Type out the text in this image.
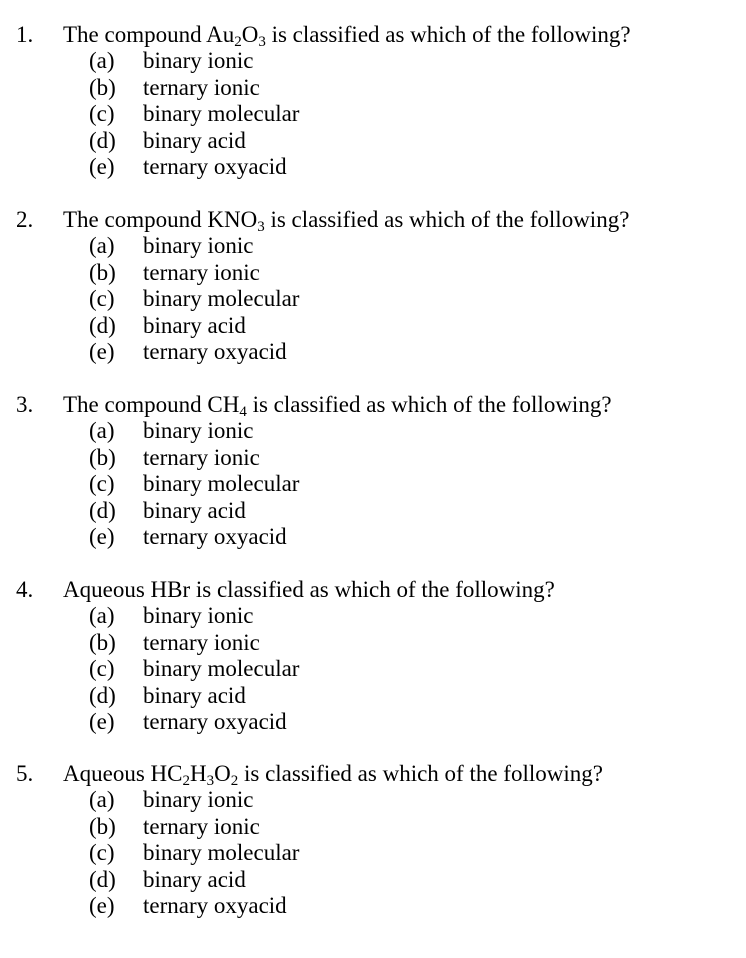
1. The compound $Au_2O_3$ is classified as which of the following?
(a) binary ionic
(b) ternary ionic
(c) binary molecular
(d) binary acid
(e) ternary oxyacid
2. The compound $KNO_3$ is classified as which of the following?
(a) binary ionic
(b) ternary ionic
(c) binary molecular
(d) binary acid
(e) ternary oxyacid
3. The compound $CH_4$ is classified as which of the following?
(a) binary ionic
(b) ternary ionic
(c) binary molecular
(d) binary acid
(e) ternary oxyacid
4. Aqueous HBr is classified as which of the following?
(a) binary ionic
(b) ternary ionic
(c) binary molecular
(d) binary acid
(e) ternary oxyacid
5. Aqueous $HC_2H_3O_2$ is classified as which of the following?
(a) binary ionic
(b) ternary ionic
(c) binary molecular
(d) binary acid
(e) ternary oxyacid
